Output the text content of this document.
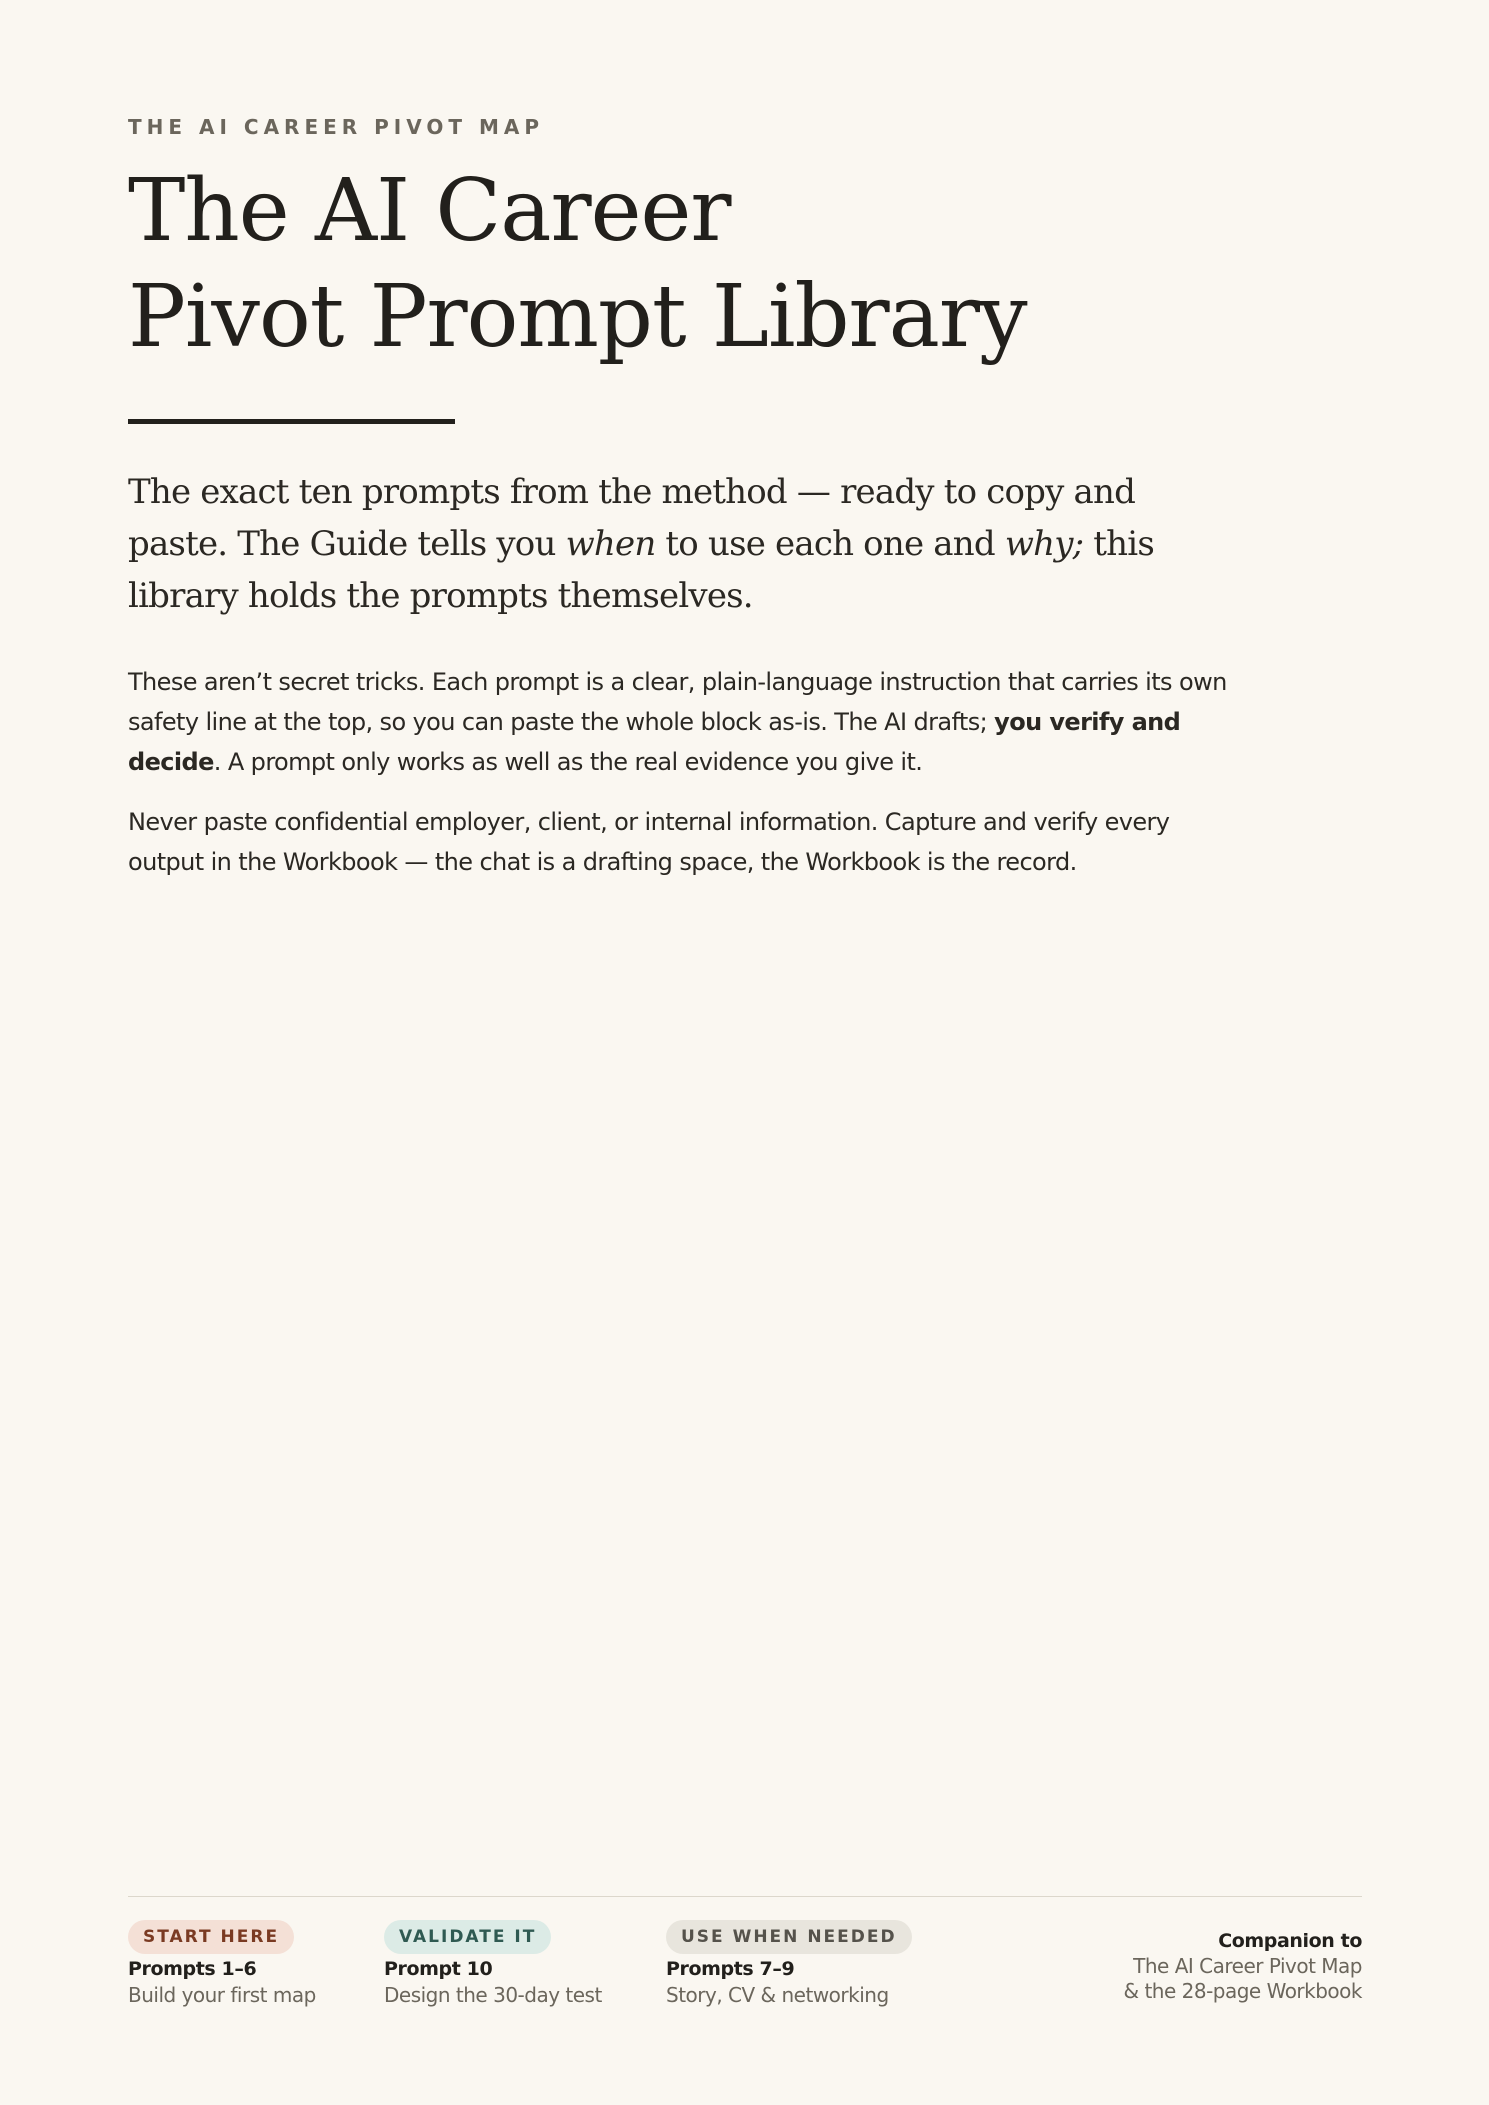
THE AI CAREER PIVOT MAP
The AI Career
Pivot Prompt Library

The exact ten prompts from the method — ready to copy and paste. The Guide tells you when to use each one and why; this library holds the prompts themselves.

These aren’t secret tricks. Each prompt is a clear, plain-language instruction that carries its own safety line at the top, so you can paste the whole block as-is. The AI drafts; you verify and decide. A prompt only works as well as the real evidence you give it.

Never paste confidential employer, client, or internal information. Capture and verify every output in the Workbook — the chat is a drafting space, the Workbook is the record.

START HERE
Prompts 1–6
Build your first map
VALIDATE IT
Prompt 10
Design the 30-day test
USE WHEN NEEDED
Prompts 7–9
Story, CV & networking
Companion to
The AI Career Pivot Map
& the 28-page Workbook
